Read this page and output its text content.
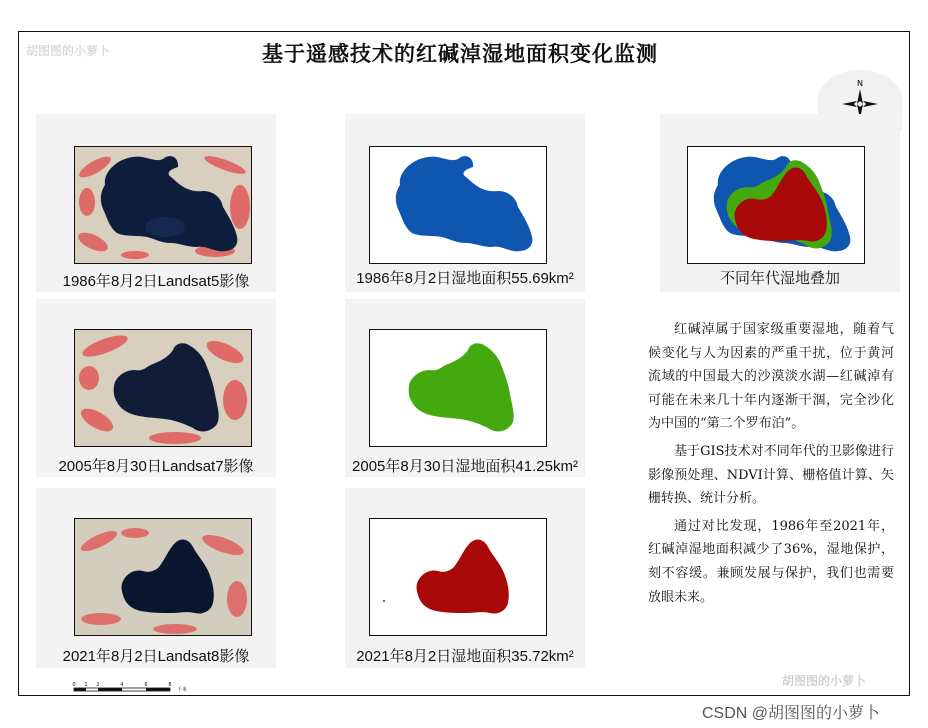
基于遥感技术的红碱淖湿地面积变化监测
胡图图的小萝卜
胡图图的小萝卜
CSDN @胡图图的小萝卜
N
1986年8月2日Landsat5影像	1986年8月2日湿地面积55.69km²	不同年代湿地叠加
2005年8月30日Landsat7影像	2005年8月30日湿地面积41.25km²
2021年8月2日Landsat8影像	2021年8月2日湿地面积35.72km²

红碱淖属于国家级重要湿地，随着气候变化与人为因素的严重干扰，位于黄河流域的中国最大的沙漠淡水湖—红碱淖有可能在未来几十年内逐渐干涸，完全沙化为中国的“第二个罗布泊”。

基于GIS技术对不同年代的卫影像进行影像预处理、NDVI计算、栅格值计算、矢栅转换、统计分析。

通过对比发现，1986年至2021年，红碱淖湿地面积减少了36%，湿地保护，刻不容缓。兼顾发展与保护，我们也需要放眼未来。

0 1 2	4	6	8
千米
